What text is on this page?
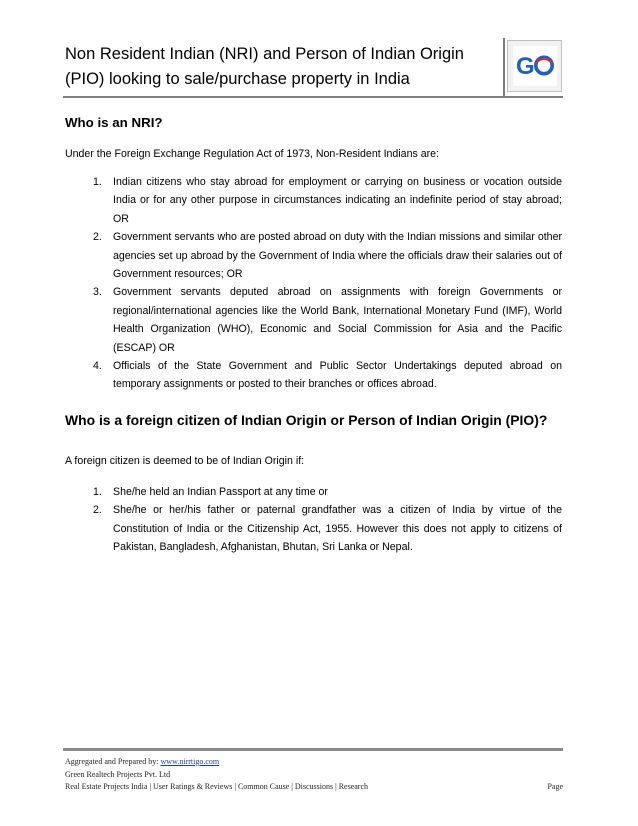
Non Resident Indian (NRI) and Person of Indian Origin
(PIO) looking to sale/purchase property in India	G
Who is an NRI?
Under the Foreign Exchange Regulation Act of 1973, Non-Resident Indians are:
1. Indian citizens who stay abroad for employment or carrying on business or vocation outside India or for any other purpose in circumstances indicating an indefinite period of stay abroad; OR
2. Government servants who are posted abroad on duty with the Indian missions and similar other agencies set up abroad by the Government of India where the officials draw their salaries out of Government resources; OR
3. Government servants deputed abroad on assignments with foreign Governments or regional/international agencies like the World Bank, International Monetary Fund (IMF), World Health Organization (WHO), Economic and Social Commission for Asia and the Pacific (ESCAP) OR
4. Officials of the State Government and Public Sector Undertakings deputed abroad on temporary assignments or posted to their branches or offices abroad.
Who is a foreign citizen of Indian Origin or Person of Indian Origin (PIO)?
A foreign citizen is deemed to be of Indian Origin if:
1. She/he held an Indian Passport at any time or
2. She/he or her/his father or paternal grandfather was a citizen of India by virtue of the Constitution of India or the Citizenship Act, 1955. However this does not apply to citizens of Pakistan, Bangladesh, Afghanistan, Bhutan, Sri Lanka or Nepal.
Aggregated and Prepared by: www.nirrtigo.com
Green Realtech Projects Pvt. Ltd
Real Estate Projects India | User Ratings & Reviews | Common Cause | Discussions | Research	Page
